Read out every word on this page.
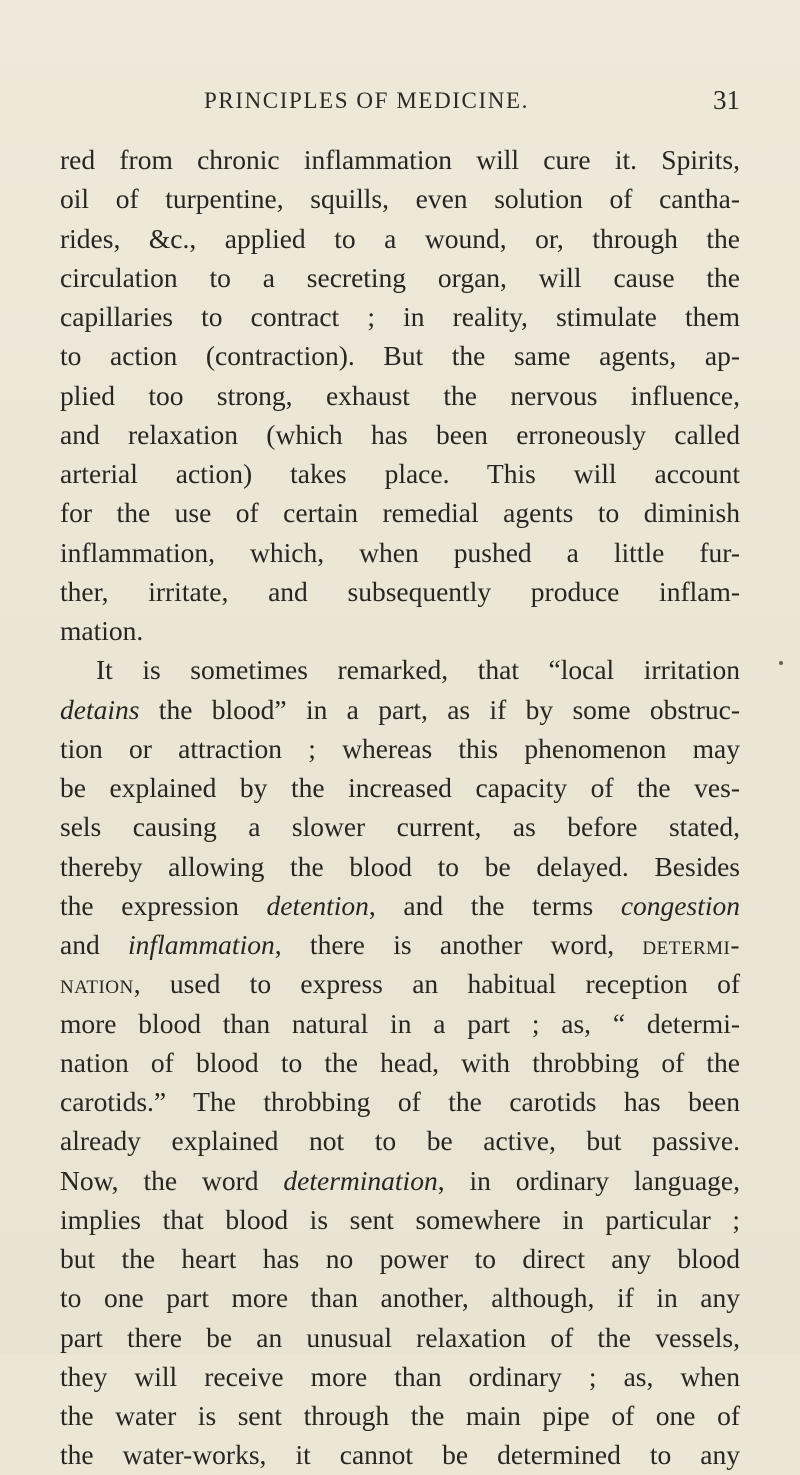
PRINCIPLES OF MEDICINE.	31
red from chronic inflammation will cure it. Spirits,
oil of turpentine, squills, even solution of cantha-
rides, &c., applied to a wound, or, through the
circulation to a secreting organ, will cause the
capillaries to contract ; in reality, stimulate them
to action (contraction). But the same agents, ap-
plied too strong, exhaust the nervous influence,
and relaxation (which has been erroneously called
arterial action) takes place. This will account
for the use of certain remedial agents to diminish
inflammation, which, when pushed a little fur-
ther, irritate, and subsequently produce inflam-
mation.
It is sometimes remarked, that “local irritation
detains the blood” in a part, as if by some obstruc-
tion or attraction ; whereas this phenomenon may
be explained by the increased capacity of the ves-
sels causing a slower current, as before stated,
thereby allowing the blood to be delayed. Besides
the expression detention, and the terms congestion
and inflammation, there is another word, determi-
nation, used to express an habitual reception of
more blood than natural in a part ; as, “ determi-
nation of blood to the head, with throbbing of the
carotids.” The throbbing of the carotids has been
already explained not to be active, but passive.
Now, the word determination, in ordinary language,
implies that blood is sent somewhere in particular ;
but the heart has no power to direct any blood
to one part more than another, although, if in any
part there be an unusual relaxation of the vessels,
they will receive more than ordinary ; as, when
the water is sent through the main pipe of one of
the water-works, it cannot be determined to any
